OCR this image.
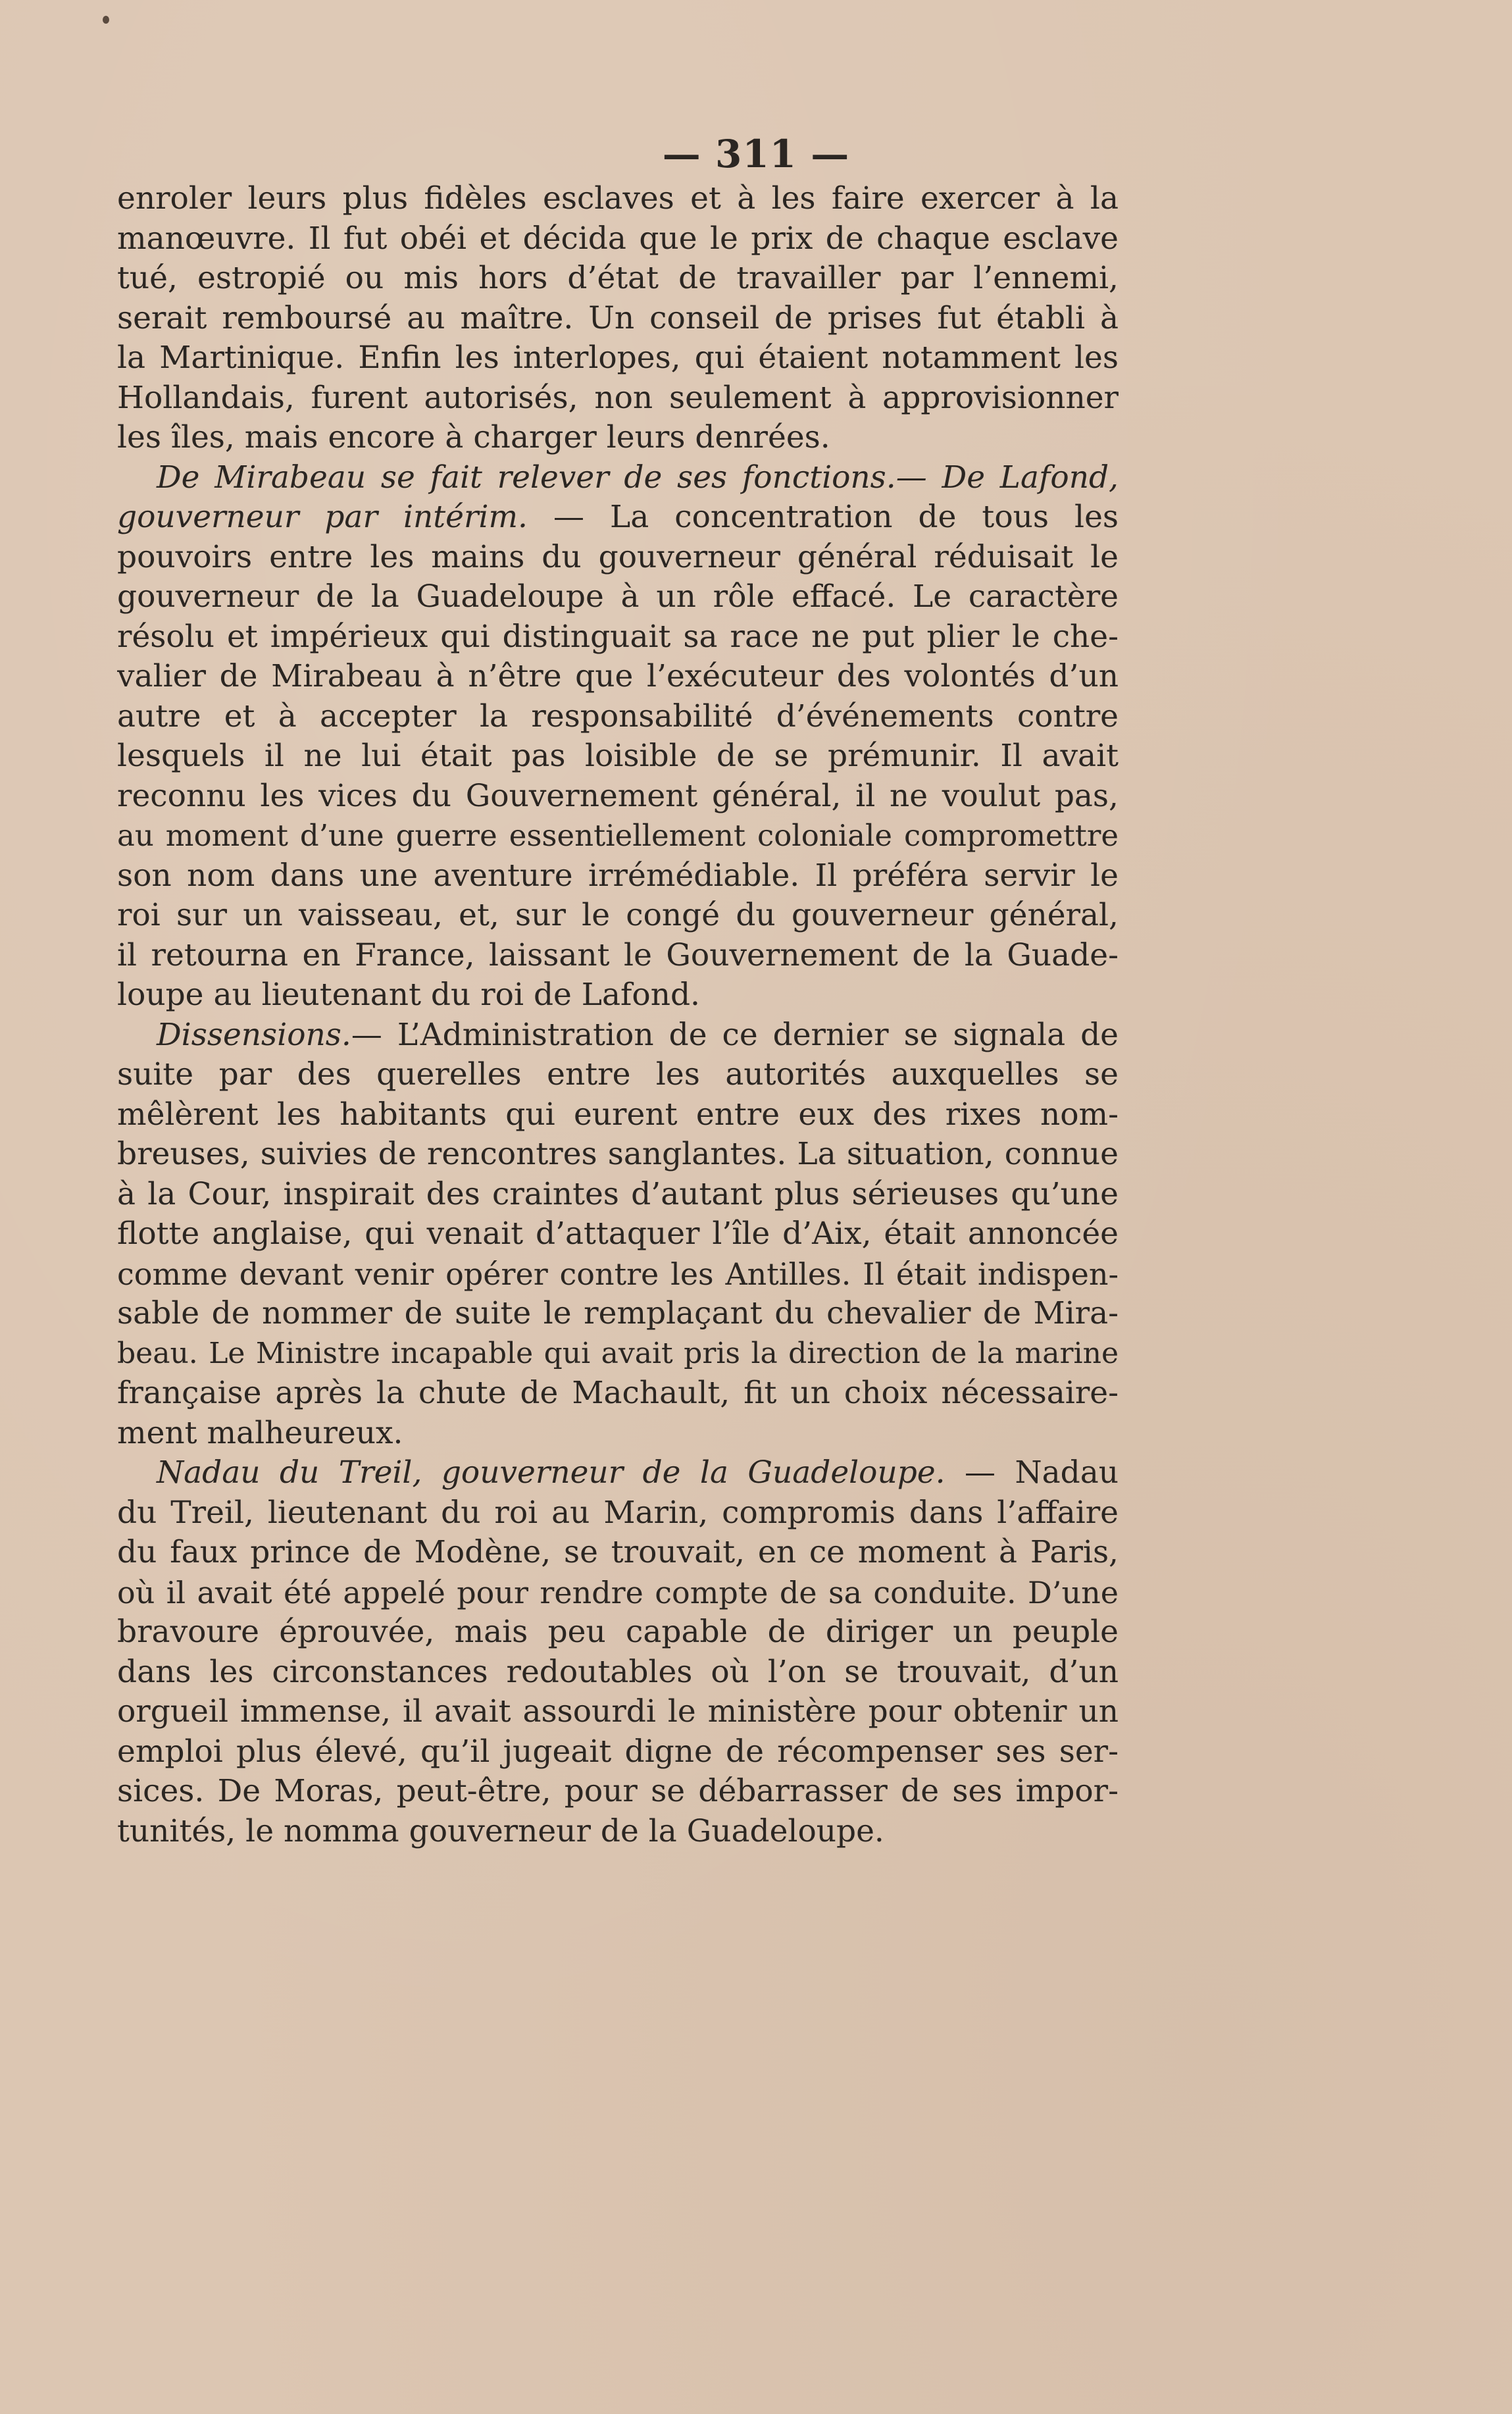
— 311 —
enroler leurs plus fidèles esclaves et à les faire exercer à la
manœuvre. Il fut obéi et décida que le prix de chaque esclave
tué, estropié ou mis hors d’état de travailler par l’ennemi,
serait remboursé au maître. Un conseil de prises fut établi à
la Martinique. Enfin les interlopes, qui étaient notamment les
Hollandais, furent autorisés, non seulement à approvisionner
les îles, mais encore à charger leurs denrées.
De Mirabeau se fait relever de ses fonctions.— De Lafond,
gouverneur par intérim. — La concentration de tous les
pouvoirs entre les mains du gouverneur général réduisait le
gouverneur de la Guadeloupe à un rôle effacé. Le caractère
résolu et impérieux qui distinguait sa race ne put plier le che-
valier de Mirabeau à n’être que l’exécuteur des volontés d’un
autre et à accepter la responsabilité d’événements contre
lesquels il ne lui était pas loisible de se prémunir. Il avait
reconnu les vices du Gouvernement général, il ne voulut pas,
au moment d’une guerre essentiellement coloniale compromettre
son nom dans une aventure irrémédiable. Il préféra servir le
roi sur un vaisseau, et, sur le congé du gouverneur général,
il retourna en France, laissant le Gouvernement de la Guade-
loupe au lieutenant du roi de Lafond.
Dissensions.— L’Administration de ce dernier se signala de
suite par des querelles entre les autorités auxquelles se
mêlèrent les habitants qui eurent entre eux des rixes nom-
breuses, suivies de rencontres sanglantes. La situation, connue
à la Cour, inspirait des craintes d’autant plus sérieuses qu’une
flotte anglaise, qui venait d’attaquer l’île d’Aix, était annoncée
comme devant venir opérer contre les Antilles. Il était indispen-
sable de nommer de suite le remplaçant du chevalier de Mira-
beau. Le Ministre incapable qui avait pris la direction de la marine
française après la chute de Machault, fit un choix nécessaire-
ment malheureux.
Nadau du Treil, gouverneur de la Guadeloupe. — Nadau
du Treil, lieutenant du roi au Marin, compromis dans l’affaire
du faux prince de Modène, se trouvait, en ce moment à Paris,
où il avait été appelé pour rendre compte de sa conduite. D’une
bravoure éprouvée, mais peu capable de diriger un peuple
dans les circonstances redoutables où l’on se trouvait, d’un
orgueil immense, il avait assourdi le ministère pour obtenir un
emploi plus élevé, qu’il jugeait digne de récompenser ses ser-
sices. De Moras, peut-être, pour se débarrasser de ses impor-
tunités, le nomma gouverneur de la Guadeloupe.
